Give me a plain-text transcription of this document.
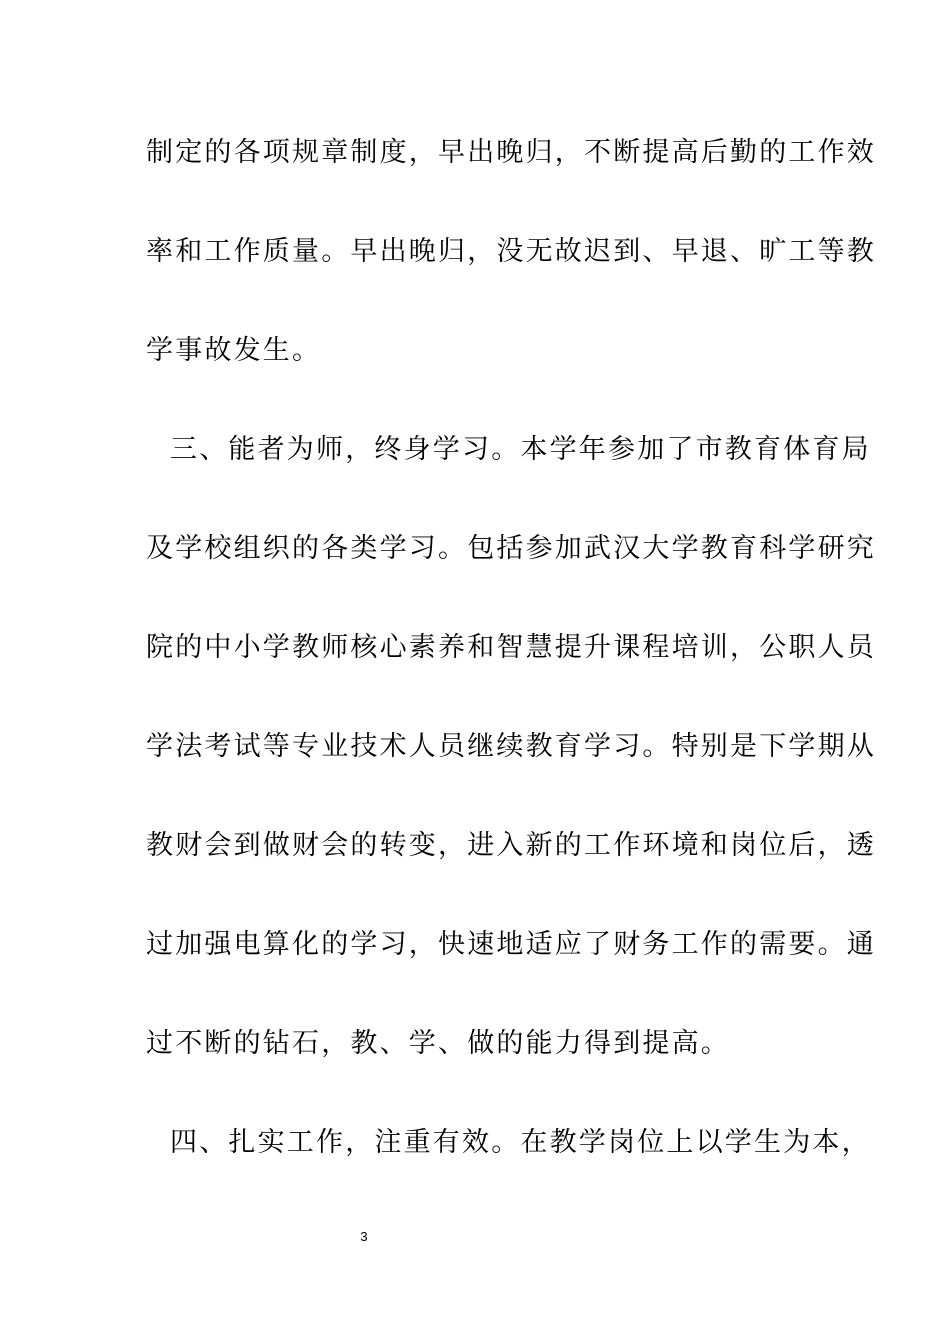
制定的各项规章制度，早出晚归，不断提高后勤的工作效
率和工作质量。早出晚归，没无故迟到、早退、旷工等教
学事故发生。
三、能者为师，终身学习。本学年参加了市教育体育局
及学校组织的各类学习。包括参加武汉大学教育科学研究
院的中小学教师核心素养和智慧提升课程培训，公职人员
学法考试等专业技术人员继续教育学习。特别是下学期从
教财会到做财会的转变，进入新的工作环境和岗位后，透
过加强电算化的学习，快速地适应了财务工作的需要。通
过不断的钻石，教、学、做的能力得到提高。
四、扎实工作，注重有效。在教学岗位上以学生为本，
3
